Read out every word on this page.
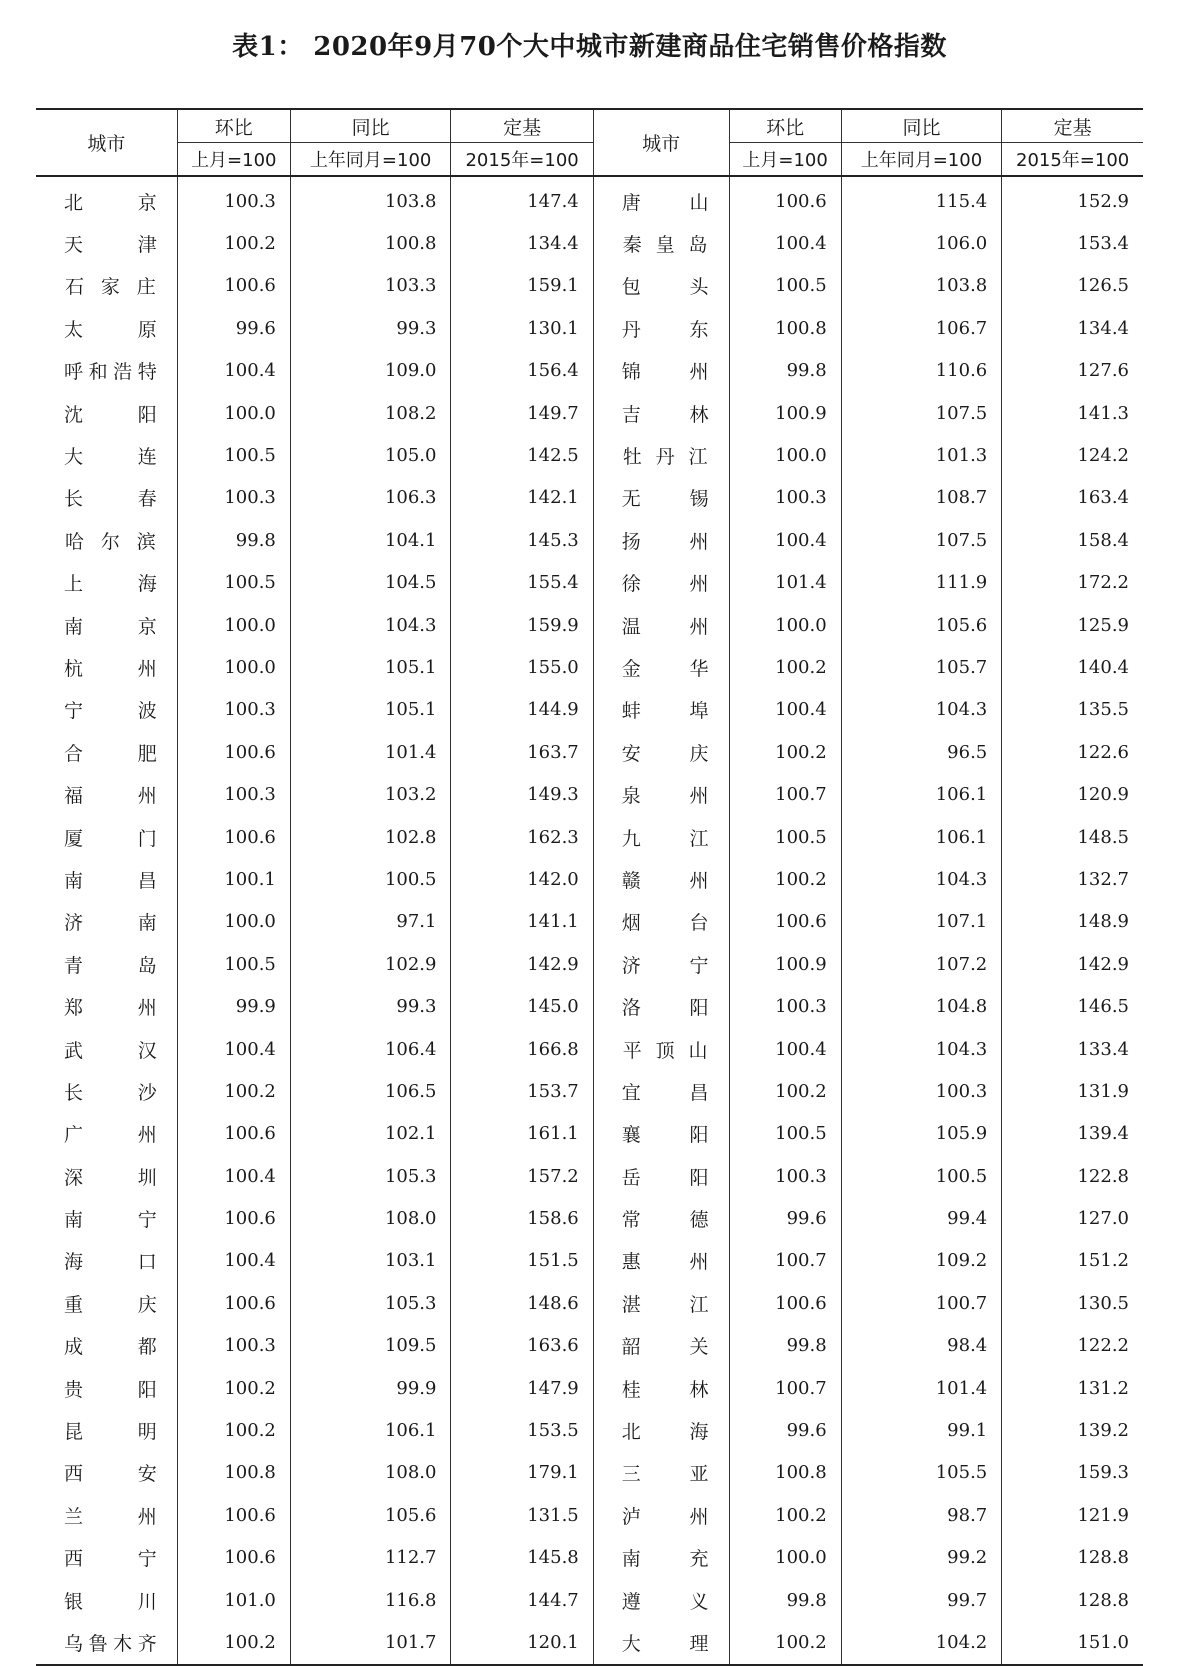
表1： 2020年9月70个大中城市新建商品住宅销售价格指数
城市	环比	同比	定基	城市	环比	同比	定基
	上月=100	上年同月=100	2015年=100		上月=100	上年同月=100	2015年=100

北京	100.3	103.8	147.4	唐山	100.6	115.4	152.9

天津	100.2	100.8	134.4	秦皇岛	100.4	106.0	153.4

石家庄	100.6	103.3	159.1	包头	100.5	103.8	126.5

太原	99.6	99.3	130.1	丹东	100.8	106.7	134.4

呼和浩特	100.4	109.0	156.4	锦州	99.8	110.6	127.6

沈阳	100.0	108.2	149.7	吉林	100.9	107.5	141.3

大连	100.5	105.0	142.5	牡丹江	100.0	101.3	124.2

长春	100.3	106.3	142.1	无锡	100.3	108.7	163.4

哈尔滨	99.8	104.1	145.3	扬州	100.4	107.5	158.4

上海	100.5	104.5	155.4	徐州	101.4	111.9	172.2

南京	100.0	104.3	159.9	温州	100.0	105.6	125.9

杭州	100.0	105.1	155.0	金华	100.2	105.7	140.4

宁波	100.3	105.1	144.9	蚌埠	100.4	104.3	135.5

合肥	100.6	101.4	163.7	安庆	100.2	96.5	122.6

福州	100.3	103.2	149.3	泉州	100.7	106.1	120.9

厦门	100.6	102.8	162.3	九江	100.5	106.1	148.5

南昌	100.1	100.5	142.0	赣州	100.2	104.3	132.7

济南	100.0	97.1	141.1	烟台	100.6	107.1	148.9

青岛	100.5	102.9	142.9	济宁	100.9	107.2	142.9

郑州	99.9	99.3	145.0	洛阳	100.3	104.8	146.5

武汉	100.4	106.4	166.8	平顶山	100.4	104.3	133.4

长沙	100.2	106.5	153.7	宜昌	100.2	100.3	131.9

广州	100.6	102.1	161.1	襄阳	100.5	105.9	139.4

深圳	100.4	105.3	157.2	岳阳	100.3	100.5	122.8

南宁	100.6	108.0	158.6	常德	99.6	99.4	127.0

海口	100.4	103.1	151.5	惠州	100.7	109.2	151.2

重庆	100.6	105.3	148.6	湛江	100.6	100.7	130.5

成都	100.3	109.5	163.6	韶关	99.8	98.4	122.2

贵阳	100.2	99.9	147.9	桂林	100.7	101.4	131.2

昆明	100.2	106.1	153.5	北海	99.6	99.1	139.2

西安	100.8	108.0	179.1	三亚	100.8	105.5	159.3

兰州	100.6	105.6	131.5	泸州	100.2	98.7	121.9

西宁	100.6	112.7	145.8	南充	100.0	99.2	128.8

银川	101.0	116.8	144.7	遵义	99.8	99.7	128.8

乌鲁木齐	100.2	101.7	120.1	大理	100.2	104.2	151.0
